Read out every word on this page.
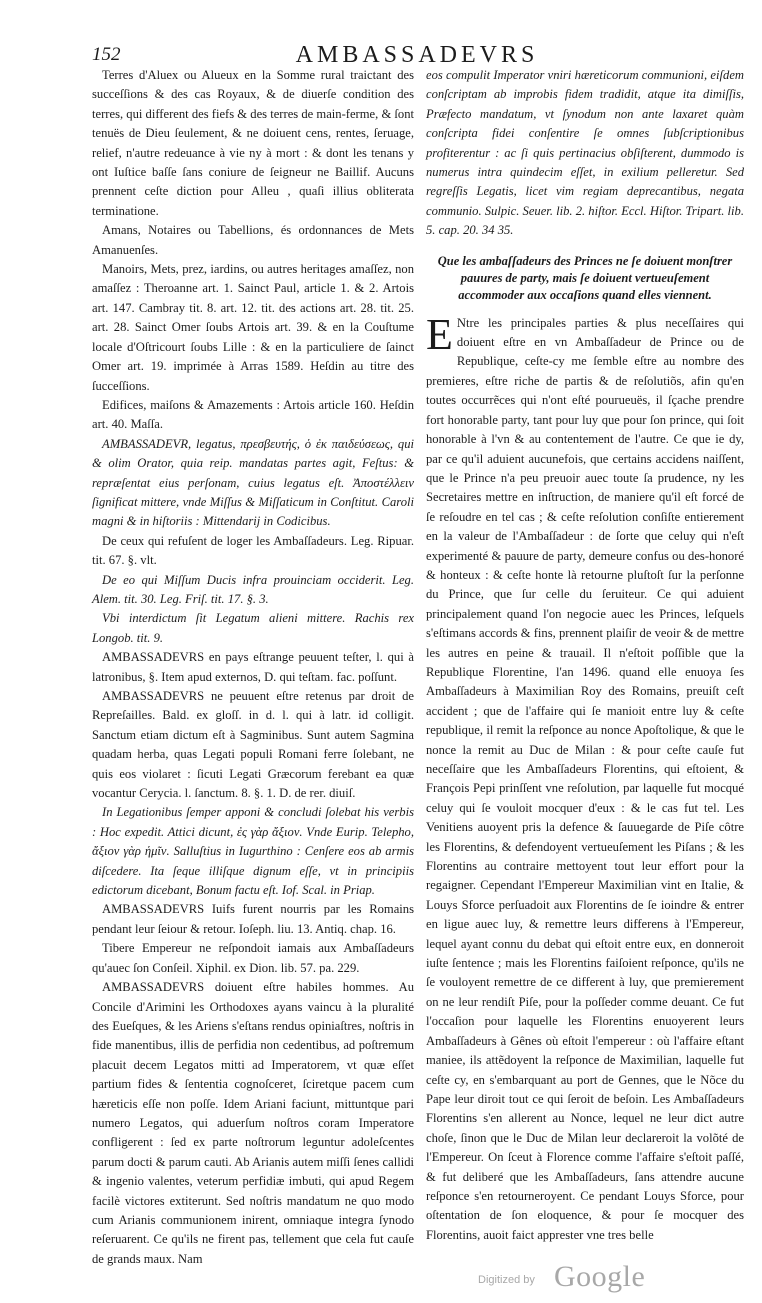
152	AMBASSADEVRS

Terres d'Aluex ou Alueux en la Somme rural traictant des succeſſions & des cas Royaux, & de diuerſe condition des terres, qui different des fiefs & des terres de main-ferme, & ſont tenuës de Dieu ſeulement, & ne doiuent cens, rentes, ſeruage, relief, n'autre redeuance à vie ny à mort : & dont les tenans y ont Iuſtice baſſe ſans coniure de ſeigneur ne Baillif. Aucuns prennent ceſte diction pour Alleu , quaſi illius obliterata terminatione.

Amans, Notaires ou Tabellions, és ordonnances de Mets Amanuenſes.

Manoirs, Mets, prez, iardins, ou autres heritages amaſſez, non amaſſez : Theroanne art. 1. Sainct Paul, article 1. & 2. Artois art. 147. Cambray tit. 8. art. 12. tit. des actions art. 28. tit. 25. art. 28. Sainct Omer ſoubs Artois art. 39. & en la Couſtume locale d'Oſtricourt ſoubs Lille : & en la particuliere de ſainct Omer art. 19. imprimée à Arras 1589. Heſdin au titre des ſucceſſions.

Edifices, maiſons & Amazements : Artois article 160. Heſdin art. 40. Maſſa.

AMBASSADEVR, legatus, πρεσβευτής, ὁ ἐκ παιδεύσεως, qui & olim Orator, quia reip. mandatas partes agit, Feſtus: & repræſentat eius perſonam, cuius legatus eſt. Ἀποστέλλειν ſignificat mittere, vnde Miſſus & Miſſaticum in Conſtitut. Caroli magni & in hiſtoriis : Mittendarij in Codicibus.

De ceux qui refuſent de loger les Ambaſſadeurs. Leg. Ripuar. tit. 67. §. vlt.

De eo qui Miſſum Ducis infra prouinciam occiderit. Leg. Alem. tit. 30. Leg. Friſ. tit. 17. §. 3.

Vbi interdictum ſit Legatum alieni mittere. Rachis rex Longob. tit. 9.

AMBASSADEVRS en pays eſtrange peuuent teſter, l. qui à latronibus, §. Item apud externos, D. qui teſtam. fac. poſſunt.

AMBASSADEVRS ne peuuent eſtre retenus par droit de Repreſailles. Bald. ex gloſſ. in d. l. qui à latr. id colligit. Sanctum etiam dictum eſt à Sagminibus. Sunt autem Sagmina quadam herba, quas Legati populi Romani ferre ſolebant, ne quis eos violaret : ſicuti Legati Græcorum ferebant ea quæ vocantur Cerycia. l. ſanctum. 8. §. 1. D. de rer. diuiſ.

In Legationibus ſemper apponi & concludi ſolebat his verbis : Hoc expedit. Attici dicunt, ἐς γὰρ ἄξιον. Vnde Eurip. Telepho, ἄξιον γὰρ ἡμῖν. Salluſtius in Iugurthino : Cenſere eos ab armis diſcedere. Ita ſeque illiſque dignum eſſe, vt in principiis edictorum dicebant, Bonum factu eſt. Iof. Scal. in Priap.

AMBASSADEVRS Iuifs furent nourris par les Romains pendant leur ſeiour & retour. Ioſeph. liu. 13. Antiq. chap. 16.

Tibere Empereur ne reſpondoit iamais aux Ambaſſadeurs qu'auec ſon Conſeil. Xiphil. ex Dion. lib. 57. pa. 229.

AMBASSADEVRS doiuent eſtre habiles hommes. Au Concile d'Arimini les Orthodoxes ayans vaincu à la pluralité des Eueſques, & les Ariens s'eſtans rendus opiniaſtres, noſtris in fide manentibus, illis de perfidia non cedentibus, ad poſtremum placuit decem Legatos mitti ad Imperatorem, vt quæ eſſet partium fides & ſententia cognoſceret, ſciretque pacem cum hæreticis eſſe non poſſe. Idem Ariani faciunt, mittuntque pari numero Legatos, qui aduerſum noſtros coram Imperatore confligerent : ſed ex parte noſtrorum leguntur adoleſcentes parum docti & parum cauti. Ab Arianis autem miſſi ſenes callidi & ingenio valentes, veterum perfidiæ imbuti, qui apud Regem facilè victores extiterunt. Sed noſtris mandatum ne quo modo cum Arianis communionem inirent, omniaque integra ſynodo reſeruarent. Ce qu'ils ne firent pas, tellement que cela fut cauſe de grands maux. Nam

eos compulit Imperator vniri hæreticorum communioni, eiſdem conſcriptam ab improbis fidem tradidit, atque ita dimiſſis, Præfecto mandatum, vt ſynodum non ante laxaret quàm conſcripta fidei conſentire ſe omnes ſubſcriptionibus profiterentur : ac ſi quis pertinacius obſiſterent, dummodo is numerus intra quindecim eſſet, in exilium pelleretur. Sed regreſſis Legatis, licet vim regiam deprecantibus, negata communio. Sulpic. Seuer. lib. 2. hiſtor. Eccl. Hiſtor. Tripart. lib. 5. cap. 20. 34 35.

Que les ambaſſadeurs des Princes ne ſe doiuent monſtrer pauures de party, mais ſe doiuent vertueuſement accommoder aux occaſions quand elles viennent.

E Ntre les principales parties & plus neceſſaires qui doiuent eſtre en vn Ambaſſadeur de Prince ou de Republique, ceſte-cy me ſemble eſtre au nombre des premieres, eſtre riche de partis & de reſolutiõs, afin qu'en toutes occurrẽces qui n'ont eſté pourueuës, il ſçache prendre fort honorable party, tant pour luy que pour ſon prince, qui ſoit honorable à l'vn & au contentement de l'autre. Ce que ie dy, par ce qu'il aduient aucunefois, que certains accidens naiſſent, que le Prince n'a peu preuoir auec toute ſa prudence, ny les Secretaires mettre en inſtruction, de maniere qu'il eſt forcé de ſe reſoudre en tel cas ; & ceſte reſolution conſiſte entierement en la valeur de l'Ambaſſadeur : de ſorte que celuy qui n'eſt experimenté & pauure de party, demeure confus ou des-honoré & honteux : & ceſte honte là retourne pluſtoſt ſur la perſonne du Prince, que ſur celle du ſeruiteur. Ce qui aduient principalement quand l'on negocie auec les Princes, leſquels s'eſtimans accords & fins, prennent plaiſir de veoir & de mettre les autres en peine & trauail. Il n'eſtoit poſſible que la Republique Florentine, l'an 1496. quand elle enuoya ſes Ambaſſadeurs à Maximilian Roy des Romains, preuiſt ceſt accident ; que de l'affaire qui ſe manioit entre luy & ceſte republique, il remit la reſponce au nonce Apoſtolique, & que le nonce la remit au Duc de Milan : & pour ceſte cauſe fut neceſſaire que les Ambaſſadeurs Florentins, qui eſtoient, & François Pepi prinſſent vne reſolution, par laquelle fut mocqué celuy qui ſe vouloit mocquer d'eux : & le cas fut tel. Les Venitiens auoyent pris la defence & ſauuegarde de Piſe côtre les Florentins, & defendoyent vertueuſement les Piſans ; & les Florentins au contraire mettoyent tout leur effort pour la regaigner. Cependant l'Empereur Maximilian vint en Italie, & Louys Sforce perſuadoit aux Florentins de ſe ioindre & entrer en ligue auec luy, & remettre leurs differens à l'Empereur, lequel ayant connu du debat qui eſtoit entre eux, en donneroit iuſte ſentence ; mais les Florentins faiſoient reſponce, qu'ils ne ſe vouloyent remettre de ce different à luy, que premierement on ne leur rendiſt Piſe, pour la poſſeder comme deuant. Ce fut l'occaſion pour laquelle les Florentins enuoyerent leurs Ambaſſadeurs à Gênes où eſtoit l'empereur : où l'affaire eſtant maniee, ils attẽdoyent la reſponce de Maximilian, laquelle fut ceſte cy, en s'embarquant au port de Gennes, que le Nõce du Pape leur diroit tout ce qui ſeroit de beſoin. Les Ambaſſadeurs Florentins s'en allerent au Nonce, lequel ne leur dict autre choſe, ſinon que le Duc de Milan leur declareroit la volõté de l'Empereur. On ſceut à Florence comme l'affaire s'eſtoit paſſé, & fut deliberé que les Ambaſſadeurs, ſans attendre aucune reſponce s'en retourneroyent. Ce pendant Louys Sforce, pour oſtentation de ſon eloquence, & pour ſe mocquer des Florentins, auoit faict apprester vne tres belle

Digitized by Google
